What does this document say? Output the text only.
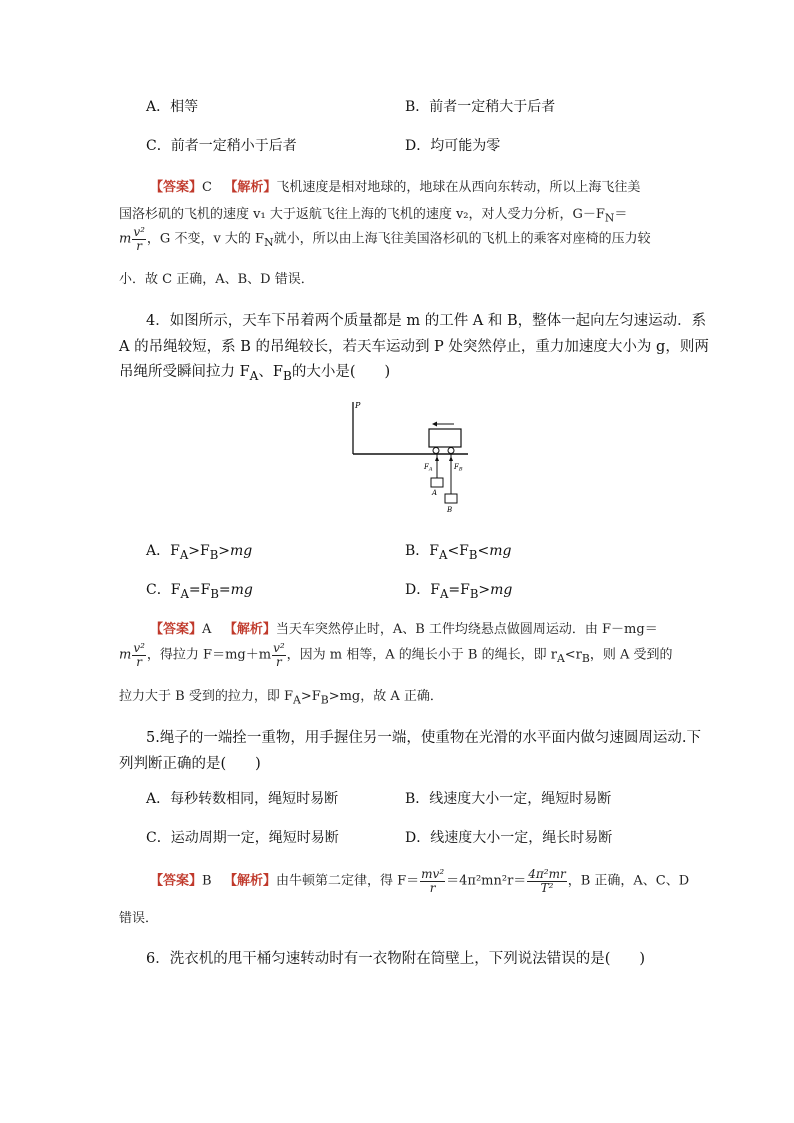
A．相等	B．前者一定稍大于后者
C．前者一定稍小于后者	D．均可能为零
【答案】C 【解析】飞机速度是相对地球的，地球在从西向东转动，所以上海飞往美
国洛杉矶的飞机的速度 v₁ 大于返航飞往上海的飞机的速度 v₂，对人受力分析，$G-F_N=$
m $\frac{\text{v²}}{r}$ ，G 不变，v 大的 $F_N$就小，所以由上海飞往美国洛杉矶的飞机上的乘客对座椅的压力较
小．故 C 正确，A、B、D 错误．
4．如图所示，天车下吊着两个质量都是 m 的工件 A 和 B，整体一起向左匀速运动．系
A 的吊绳较短，系 B 的吊绳较长，若天车运动到 P 处突然停止，重力加速度大小为 g，则两
吊绳所受瞬间拉力 $F_A$、$F_B$的大小是(　　)
P
$F_A$	$F_B$
A
B
A．$F_A>F_B>mg$	B．$F_A<F_B<mg$
C．$F_A=F_B=mg$	D．$F_A=F_B>mg$
【答案】A 【解析】当天车突然停止时，A、B 工件均绕悬点做圆周运动．由 F－mg＝
m $\frac{\text{v²}}{r}$ ，得拉力 $F=mg+m \frac{\text{v²}}{r}$ ，因为 m 相等，A 的绳长小于 B 的绳长，即 $r_A<r_B$，则 A 受到的
拉力大于 B 受到的拉力，即 $F_A>F_B>mg$，故 A 正确．
5.绳子的一端拴一重物，用手握住另一端，使重物在光滑的水平面内做匀速圆周运动.下
列判断正确的是(　　)
A．每秒转数相同，绳短时易断	B．线速度大小一定，绳短时易断
C．运动周期一定，绳短时易断	D．线速度大小一定，绳长时易断
【答案】B 【解析】由牛顿第二定律，得 $F= \frac{\text{mv²}}{r} =4\pi^2mn^2r= \frac{\text{4π²mr}}{\text{T²}}$ ，B 正确，A、C、D
错误．
6．洗衣机的甩干桶匀速转动时有一衣物附在筒壁上，下列说法错误的是(　　)
